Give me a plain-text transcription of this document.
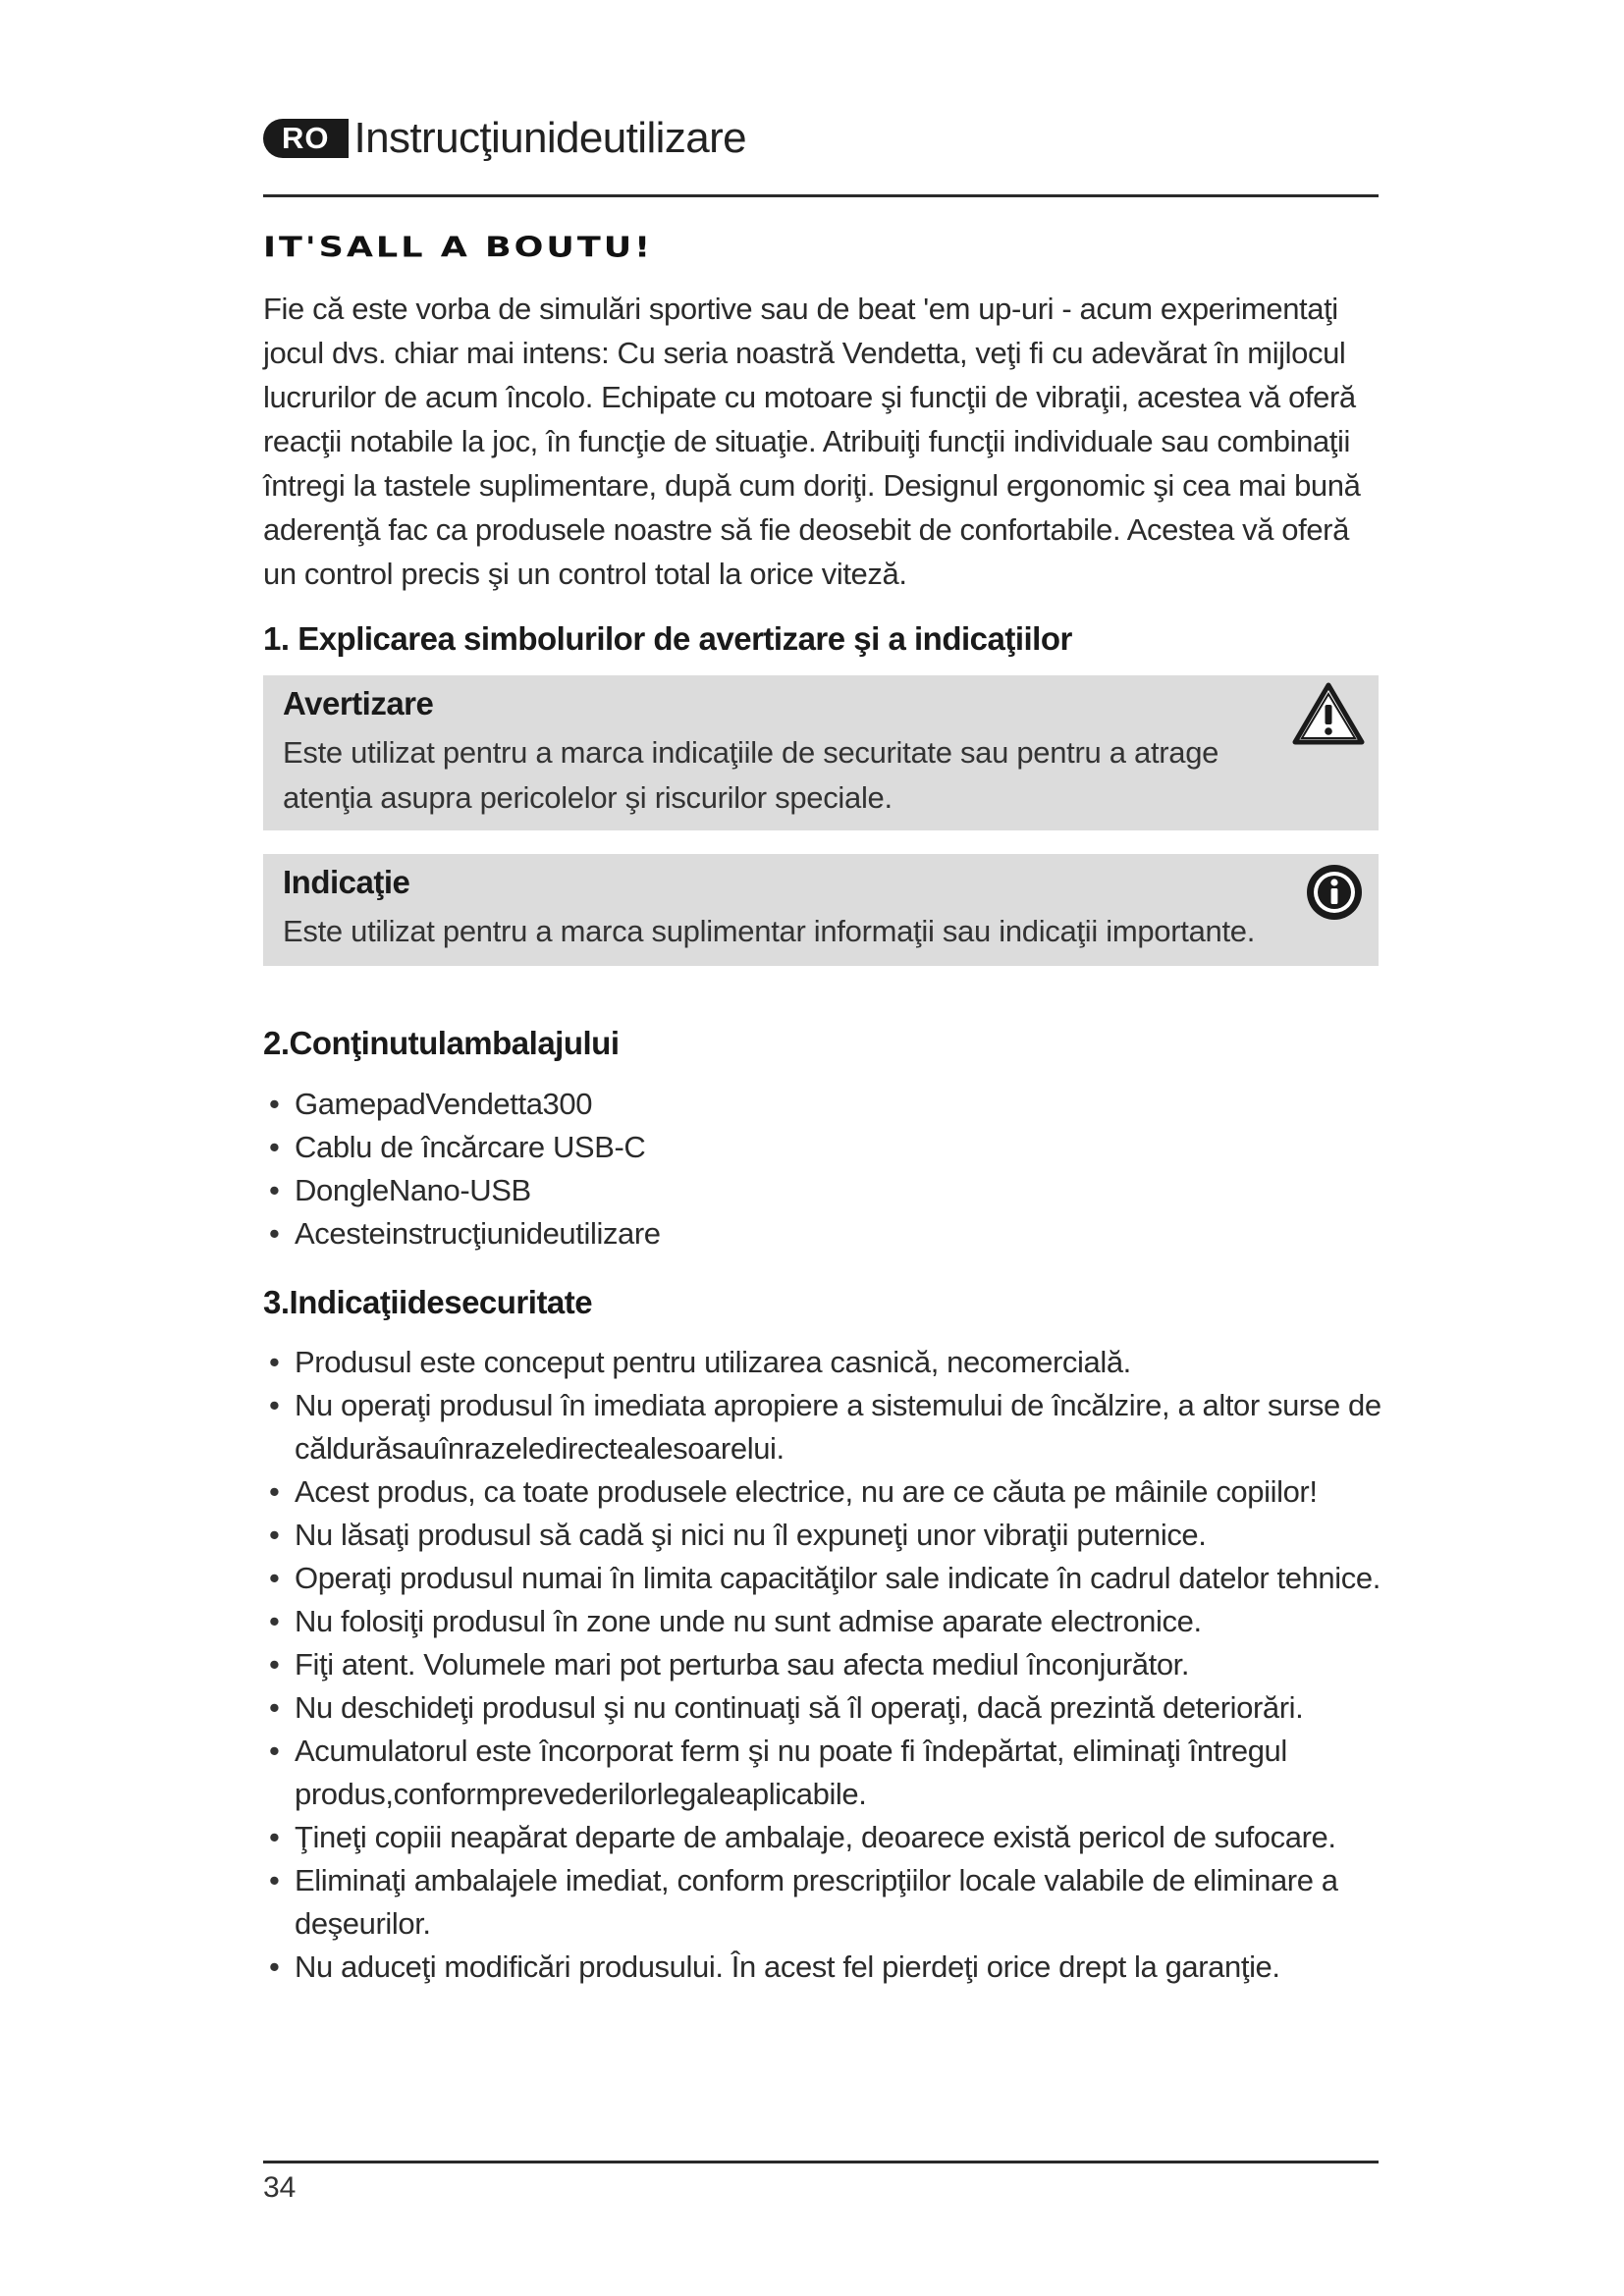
RO Instrucţiunideutilizare
IT'SALL A BOUTU!
Fie că este vorba de simulări sportive sau de beat 'em up-uri - acum experimentaţi jocul dvs. chiar mai intens: Cu seria noastră Vendetta, veţi fi cu adevărat în mijlocul lucrurilor de acum încolo. Echipate cu motoare şi funcţii de vibraţii, acestea vă oferă reacţii notabile la joc, în funcţie de situaţie. Atribuiţi funcţii individuale sau combinaţii întregi la tastele suplimentare, după cum doriţi. Designul ergonomic şi cea mai bună aderenţă fac ca produsele noastre să fie deosebit de confortabile. Acestea vă oferă un control precis şi un control total la orice viteză.
1. Explicarea simbolurilor de avertizare şi a indicaţiilor
Avertizare
Este utilizat pentru a marca indicaţiile de securitate sau pentru a atrage atenţia asupra pericolelor şi riscurilor speciale.
Indicaţie
Este utilizat pentru a marca suplimentar informaţii sau indicaţii importante.
2.Conţinutulambalajului
• GamepadVendetta300
• Cablu de încărcare USB-C
• DongleNano-USB
• Acesteinstrucţiunideutilizare
3.Indicaţiidesecuritate
• Produsul este conceput pentru utilizarea casnică, necomercială.
• Nu operaţi produsul în imediata apropiere a sistemului de încălzire, a altor surse de căldurăsauînrazeledirectealesoarelui.
• Acest produs, ca toate produsele electrice, nu are ce căuta pe mâinile copiilor!
• Nu lăsaţi produsul să cadă şi nici nu îl expuneţi unor vibraţii puternice.
• Operaţi produsul numai în limita capacităţilor sale indicate în cadrul datelor tehnice.
• Nu folosiţi produsul în zone unde nu sunt admise aparate electronice.
• Fiţi atent. Volumele mari pot perturba sau afecta mediul înconjurător.
• Nu deschideţi produsul şi nu continuaţi să îl operaţi, dacă prezintă deteriorări.
• Acumulatorul este încorporat ferm şi nu poate fi îndepărtat, eliminaţi întregul produs,conformprevederilorlegaleaplicabile.
• Ţineţi copiii neapărat departe de ambalaje, deoarece există pericol de sufocare.
• Eliminaţi ambalajele imediat, conform prescripţiilor locale valabile de eliminare a deşeurilor.
• Nu aduceţi modificări produsului. În acest fel pierdeţi orice drept la garanţie.
34
